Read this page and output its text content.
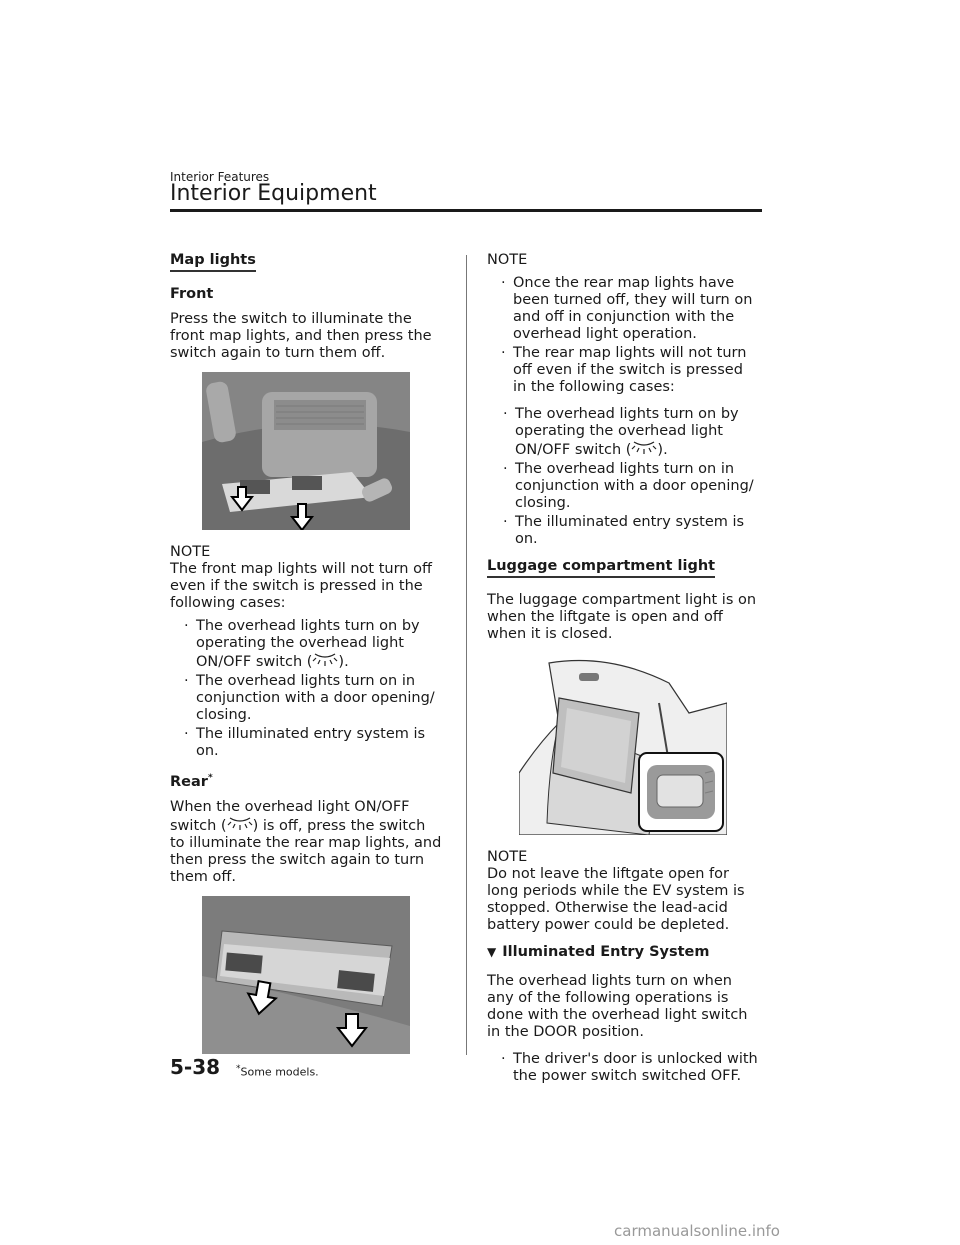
Interior Features
Interior Equipment
Map lights
Front

Press the switch to illuminate the front map lights, and then press the switch again to turn them off.

NOTE

The front map lights will not turn off even if the switch is pressed in the following cases:

· The overhead lights turn on by operating the overhead light ON/OFF switch ( ).
· The overhead lights turn on in conjunction with a door opening/ closing.
· The illuminated entry system is on.
Rear*

When the overhead light ON/OFF switch ( ) is off, press the switch to illuminate the rear map lights, and then press the switch again to turn them off.

NOTE
· Once the rear map lights have been turned off, they will turn on and off in conjunction with the overhead light operation.
· The rear map lights will not turn off even if the switch is pressed in the following cases:
· The overhead lights turn on by operating the overhead light ON/OFF switch ( ).
· The overhead lights turn on in conjunction with a door opening/ closing.
· The illuminated entry system is on.
Luggage compartment light

The luggage compartment light is on when the liftgate is open and off when it is closed.

NOTE

Do not leave the liftgate open for long periods while the EV system is stopped. Otherwise the lead-acid battery power could be depleted.

▼ Illuminated Entry System

The overhead lights turn on when any of the following operations is done with the overhead light switch in the DOOR position.

· The driver's door is unlocked with the power switch switched OFF.
5-38 *Some models.
carmanualsonline.info
